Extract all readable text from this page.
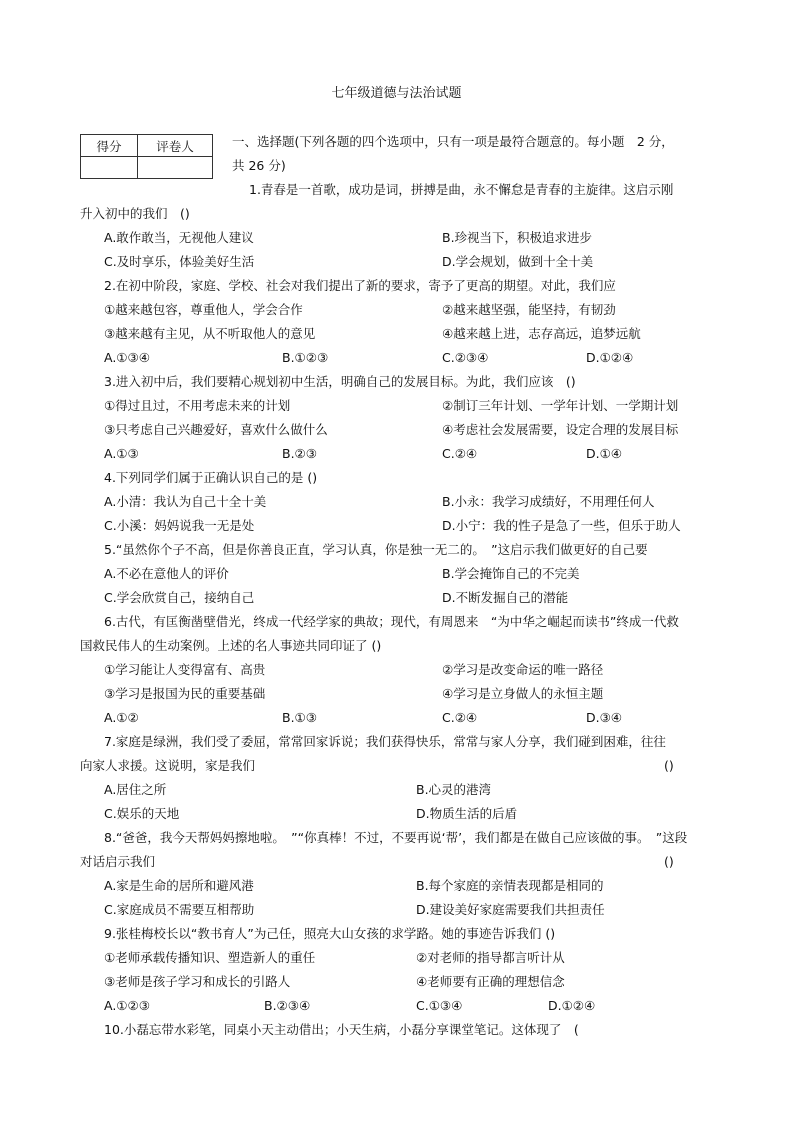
七年级道德与法治试题
得分	评卷人
		一、选择题(下列各题的四个选项中，只有一项是最符合题意的。每小题　2 分，
共 26 分)
1.青春是一首歌，成功是词，拼搏是曲，永不懈怠是青春的主旋律。这启示刚
升入初中的我们　()
A.敢作敢当，无视他人建议	B.珍视当下，积极追求进步
C.及时享乐，体验美好生活	D.学会规划，做到十全十美
2.在初中阶段，家庭、学校、社会对我们提出了新的要求，寄予了更高的期望。对此，我们应
①越来越包容，尊重他人，学会合作	②越来越坚强，能坚持，有韧劲
③越来越有主见，从不听取他人的意见	④越来越上进，志存高远，追梦远航
A.①③④	B.①②③	C.②③④	D.①②④
3.进入初中后，我们要精心规划初中生活，明确自己的发展目标。为此，我们应该　()
①得过且过，不用考虑未来的计划	②制订三年计划、一学年计划、一学期计划
③只考虑自己兴趣爱好，喜欢什么做什么	④考虑社会发展需要，设定合理的发展目标
A.①③	B.②③	C.②④	D.①④
4.下列同学们属于正确认识自己的是 ()
A.小清：我认为自己十全十美	B.小永：我学习成绩好，不用理任何人
C.小溪：妈妈说我一无是处	D.小宁：我的性子是急了一些，但乐于助人
5.“虽然你个子不高，但是你善良正直，学习认真，你是独一无二的。　”这启示我们做更好的自己要
A.不必在意他人的评价	B.学会掩饰自己的不完美
C.学会欣赏自己，接纳自己	D.不断发掘自己的潜能
6.古代，有匡衡凿壁借光，终成一代经学家的典故；现代，有周恩来　“为中华之崛起而读书”终成一代救
国救民伟人的生动案例。上述的名人事迹共同印证了 ()
①学习能让人变得富有、高贵	②学习是改变命运的唯一路径
③学习是报国为民的重要基础	④学习是立身做人的永恒主题
A.①②	B.①③	C.②④	D.③④
7.家庭是绿洲，我们受了委屈，常常回家诉说；我们获得快乐，常常与家人分享，我们碰到困难，往往
向家人求援。这说明，家是我们	()
A.居住之所	B.心灵的港湾
C.娱乐的天地	D.物质生活的后盾
8.“爸爸，我今天帮妈妈擦地啦。　”“你真棒！不过，不要再说‘帮’，我们都是在做自己应该做的事。　”这段
对话启示我们	()
A.家是生命的居所和避风港	B.每个家庭的亲情表现都是相同的
C.家庭成员不需要互相帮助	D.建设美好家庭需要我们共担责任
9.张桂梅校长以“教书育人”为己任，照亮大山女孩的求学路。她的事迹告诉我们 ()
①老师承载传播知识、塑造新人的重任	②对老师的指导都言听计从
③老师是孩子学习和成长的引路人	④老师要有正确的理想信念
A.①②③	B.②③④	C.①③④	D.①②④
10.小磊忘带水彩笔，同桌小天主动借出；小天生病，小磊分享课堂笔记。这体现了　(
